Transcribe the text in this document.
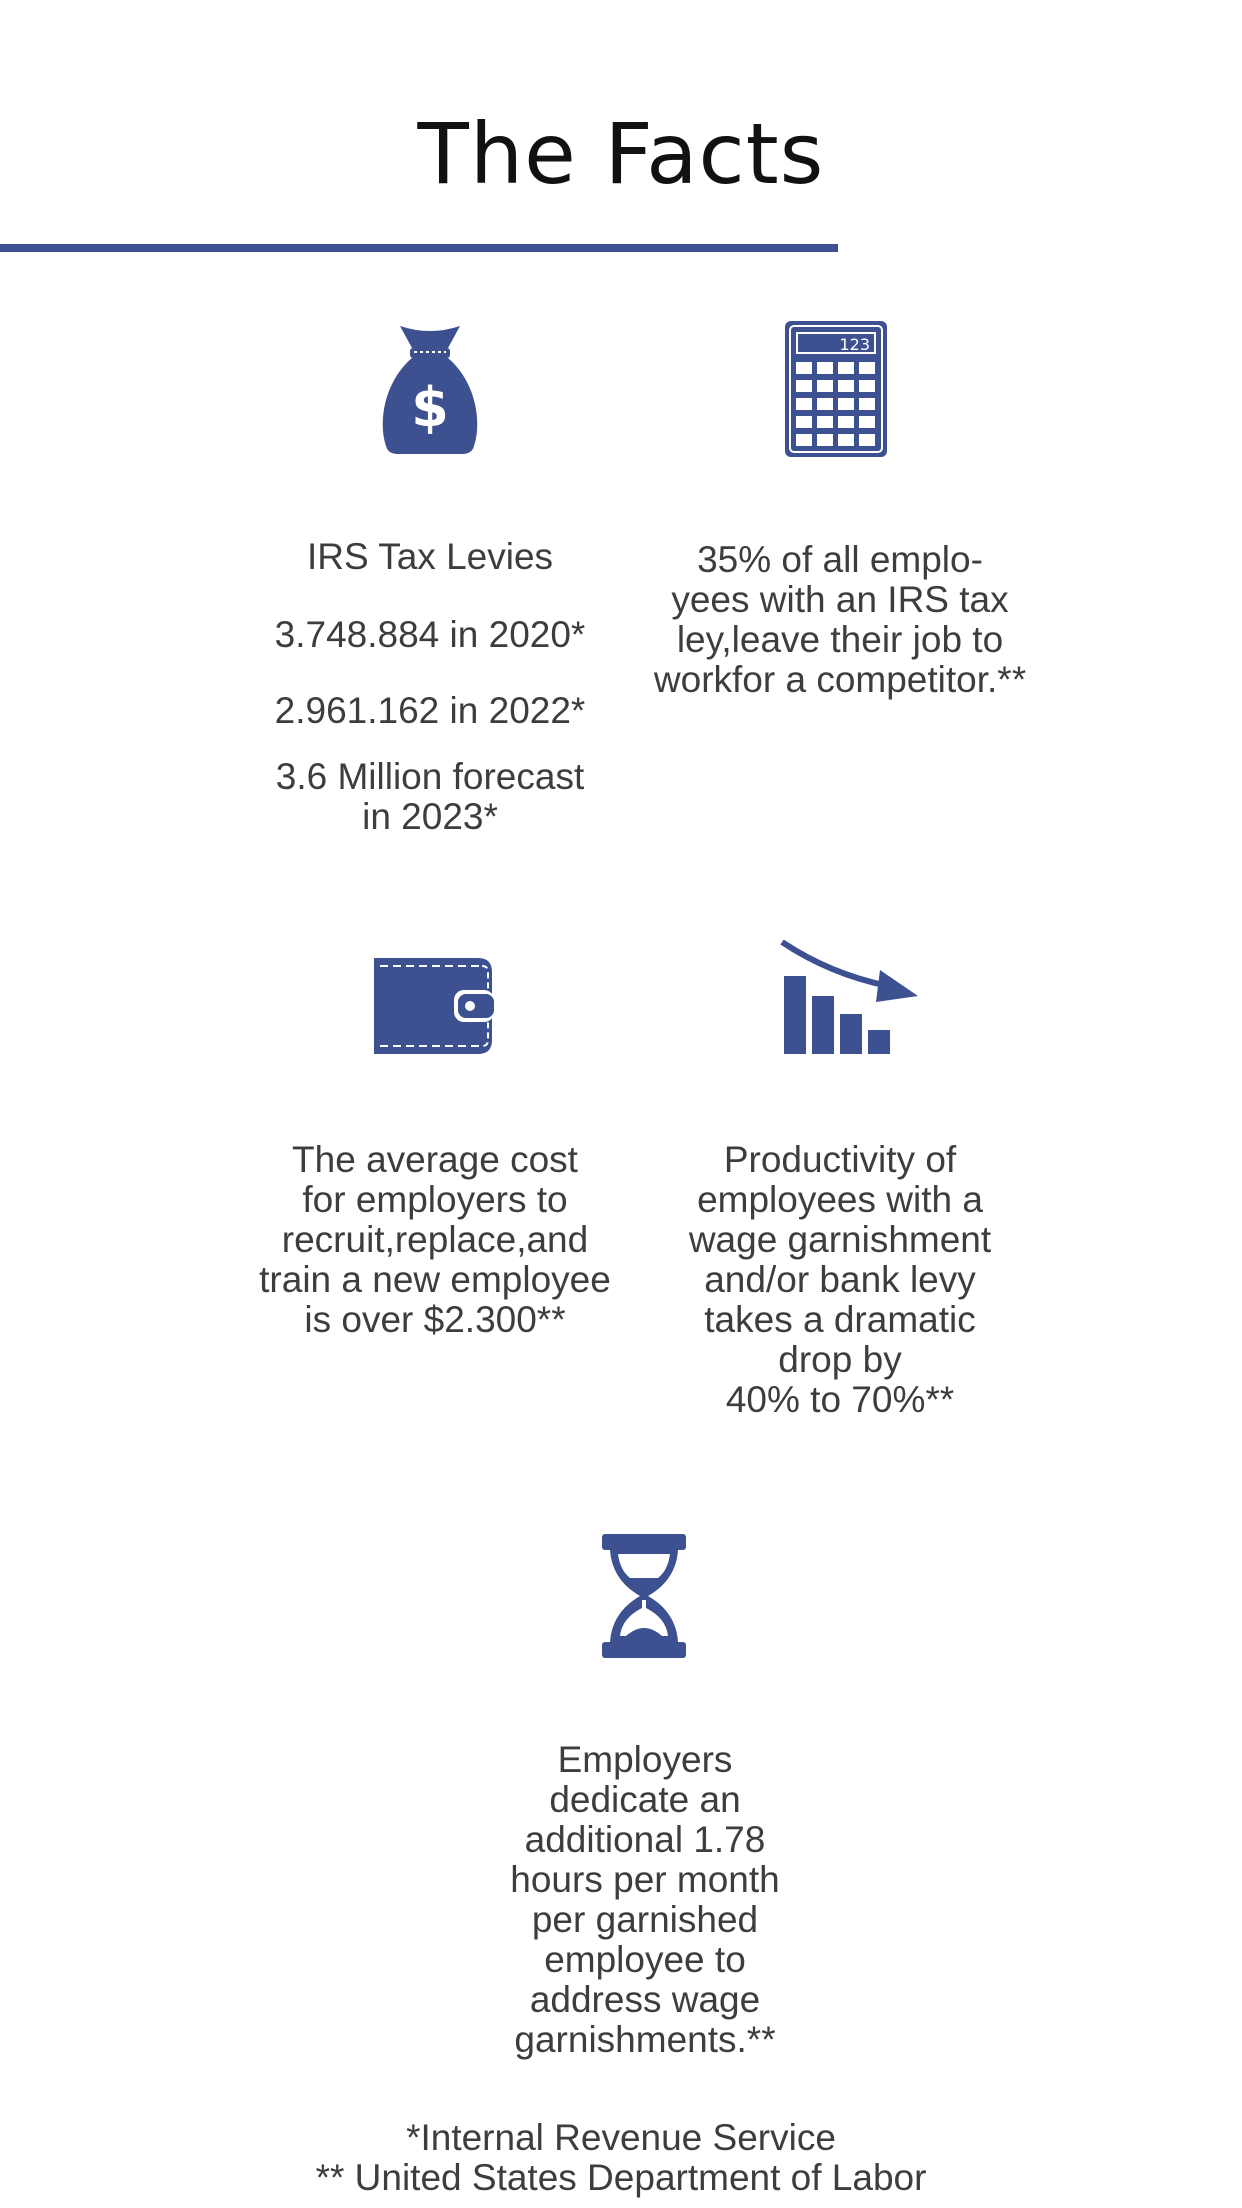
The Facts
$
123

IRS Tax Levies

3.748.884 in 2020*

2.961.162 in 2022*

3.6 Million forecast
in 2023*

35% of all emplo-
yees with an IRS tax
ley,leave their job to
workfor a competitor.**
The average cost
for employers to
recruit,replace,and
train a new employee
is over $2.300**
Productivity of
employees with a
wage garnishment
and/or bank levy
takes a dramatic
drop by
40% to 70%**
Employers
dedicate an
additional 1.78
hours per month
per garnished
employee to
address wage
garnishments.**
*Internal Revenue Service
** United States Department of Labor
